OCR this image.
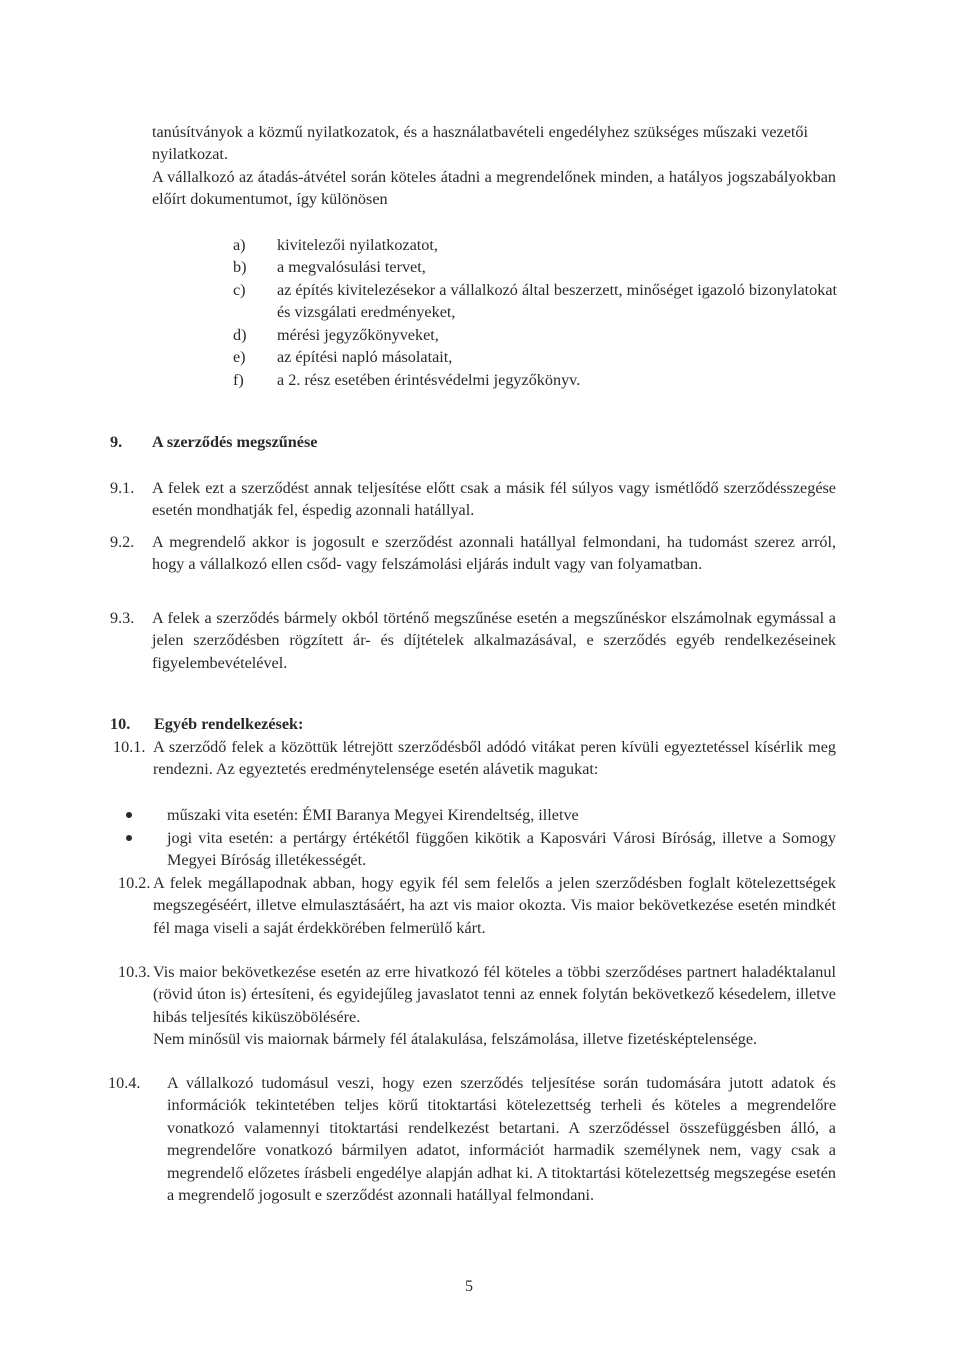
tanúsítványok a közmű nyilatkozatok, és a használatbavételi engedélyhez szükséges műszaki vezetői nyilatkozat.

A vállalkozó az átadás-átvétel során köteles átadni a megrendelőnek minden, a hatályos jogszabályokban előírt dokumentumot, így különösen

a) kivitelezői nyilatkozatot,
b) a megvalósulási tervet,
c) az építés kivitelezésekor a vállalkozó által beszerzett, minőséget igazoló bizonylatokat és vizsgálati eredményeket,
d) mérési jegyzőkönyveket,
e) az építési napló másolatait,
f) a 2. rész esetében érintésvédelmi jegyzőkönyv.
9. A szerződés megszűnése
9.1. A felek ezt a szerződést annak teljesítése előtt csak a másik fél súlyos vagy ismétlődő szerződésszegése esetén mondhatják fel, éspedig azonnali hatállyal.
9.2. A megrendelő akkor is jogosult e szerződést azonnali hatállyal felmondani, ha tudomást szerez arról, hogy a vállalkozó ellen csőd- vagy felszámolási eljárás indult vagy van folyamatban.
9.3. A felek a szerződés bármely okból történő megszűnése esetén a megszűnéskor elszámolnak egymással a jelen szerződésben rögzített ár- és díjtételek alkalmazásával, e szerződés egyéb rendelkezéseinek figyelembevételével.
10. Egyéb rendelkezések:
10.1. A szerződő felek a közöttük létrejött szerződésből adódó vitákat peren kívüli egyeztetéssel kísérlik meg rendezni. Az egyeztetés eredménytelensége esetén alávetik magukat:
műszaki vita esetén: ÉMI Baranya Megyei Kirendeltség, illetve
jogi vita esetén: a pertárgy értékétől függően kikötik a Kaposvári Városi Bíróság, illetve a Somogy Megyei Bíróság illetékességét.
10.2. A felek megállapodnak abban, hogy egyik fél sem felelős a jelen szerződésben foglalt kötelezettségek megszegéséért, illetve elmulasztásáért, ha azt vis maior okozta. Vis maior bekövetkezése esetén mindkét fél maga viseli a saját érdekkörében felmerülő kárt.
10.3. Vis maior bekövetkezése esetén az erre hivatkozó fél köteles a többi szerződéses partnert haladéktalanul (rövid úton is) értesíteni, és egyidejűleg javaslatot tenni az ennek folytán bekövetkező késedelem, illetve hibás teljesítés kiküszöbölésére.
Nem minősül vis maiornak bármely fél átalakulása, felszámolása, illetve fizetésképtelensége.
10.4. A vállalkozó tudomásul veszi, hogy ezen szerződés teljesítése során tudomására jutott adatok és információk tekintetében teljes körű titoktartási kötelezettség terheli és köteles a megrendelőre vonatkozó valamennyi titoktartási rendelkezést betartani. A szerződéssel összefüggésben álló, a megrendelőre vonatkozó bármilyen adatot, információt harmadik személynek nem, vagy csak a megrendelő előzetes írásbeli engedélye alapján adhat ki. A titoktartási kötelezettség megszegése esetén a megrendelő jogosult e szerződést azonnali hatállyal felmondani.
5
